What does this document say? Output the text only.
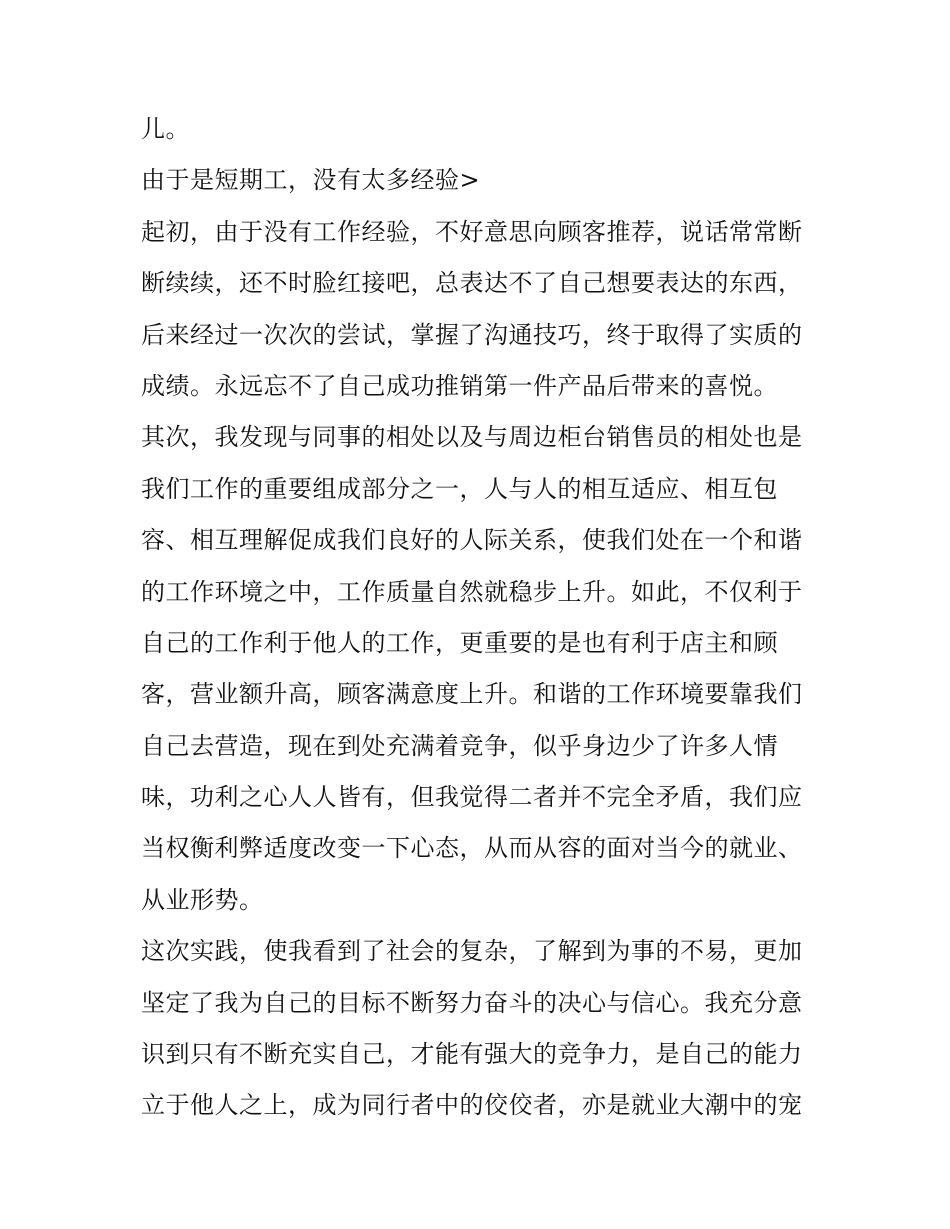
儿。
由于是短期工，没有太多经验>
起初，由于没有工作经验，不好意思向顾客推荐，说话常常断
断续续，还不时脸红接吧，总表达不了自己想要表达的东西，
后来经过一次次的尝试，掌握了沟通技巧，终于取得了实质的
成绩。永远忘不了自己成功推销第一件产品后带来的喜悦。
其次，我发现与同事的相处以及与周边柜台销售员的相处也是
我们工作的重要组成部分之一，人与人的相互适应、相互包
容、相互理解促成我们良好的人际关系，使我们处在一个和谐
的工作环境之中，工作质量自然就稳步上升。如此，不仅利于
自己的工作利于他人的工作，更重要的是也有利于店主和顾
客，营业额升高，顾客满意度上升。和谐的工作环境要靠我们
自己去营造，现在到处充满着竞争，似乎身边少了许多人情
味，功利之心人人皆有，但我觉得二者并不完全矛盾，我们应
当权衡利弊适度改变一下心态，从而从容的面对当今的就业、
从业形势。
这次实践，使我看到了社会的复杂，了解到为事的不易，更加
坚定了我为自己的目标不断努力奋斗的决心与信心。我充分意
识到只有不断充实自己，才能有强大的竞争力，是自己的能力
立于他人之上，成为同行者中的佼佼者，亦是就业大潮中的宠
